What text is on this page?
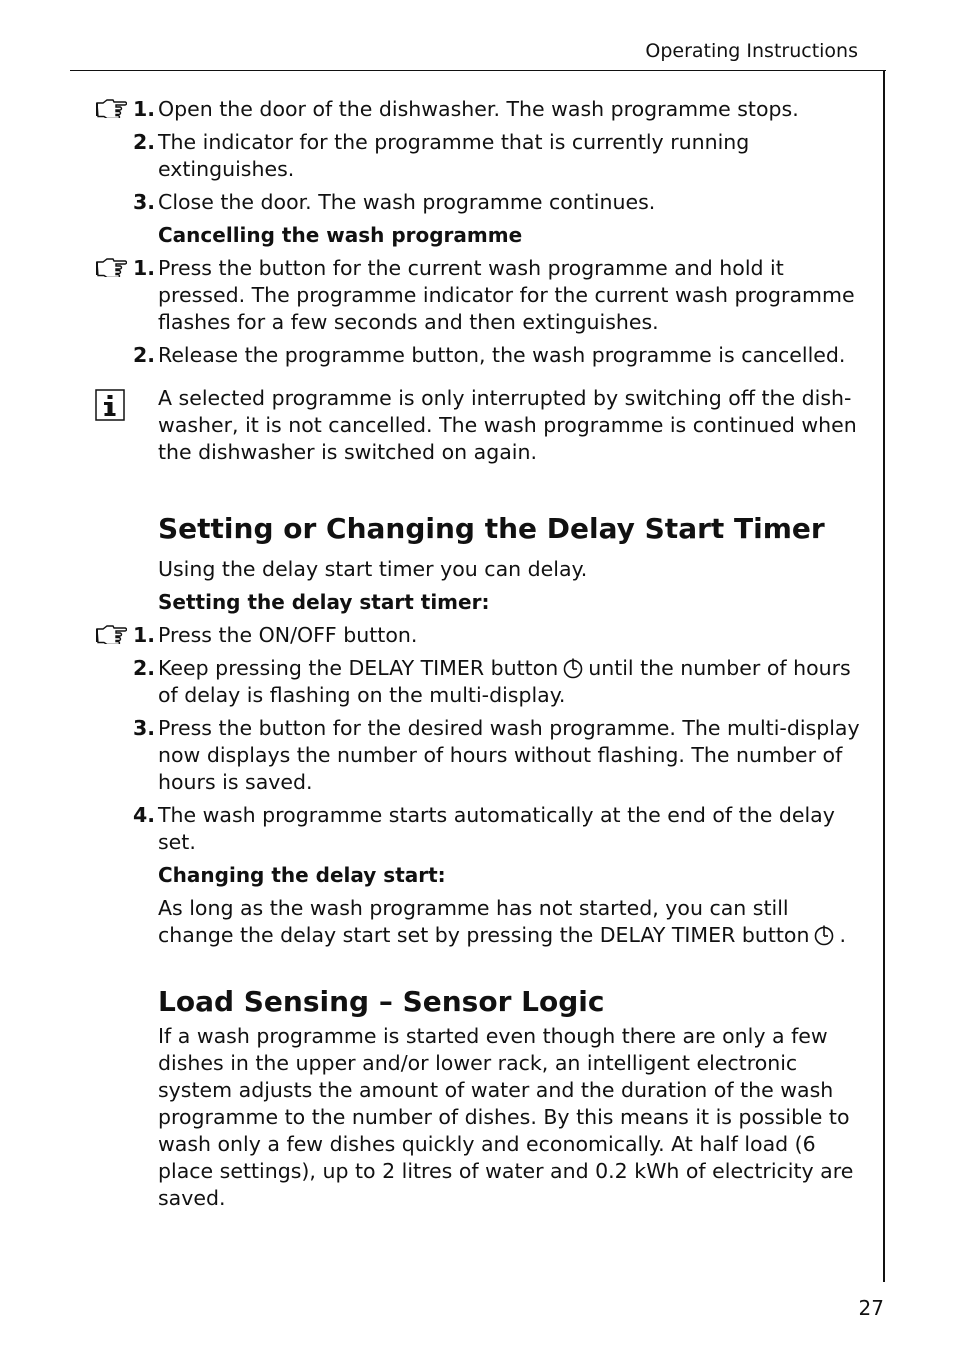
Operating Instructions
1. Open the door of the dishwasher. The wash programme stops.
2. The indicator for the programme that is currently running extinguishes.
3. Close the door. The wash programme continues.
Cancelling the wash programme
1. Press the button for the current wash programme and hold it pressed. The programme indicator for the current wash programme flashes for a few seconds and then extinguishes.
2. Release the programme button, the wash programme is cancelled.
A selected programme is only interrupted by switching off the dish-washer, it is not cancelled. The wash programme is continued when the dishwasher is switched on again.
Setting or Changing the Delay Start Timer
Using the delay start timer you can delay.
Setting the delay start timer:
1. Press the ON/OFF button.
2. Keep pressing the DELAY TIMER button until the number of hours of delay is flashing on the multi-display.
3. Press the button for the desired wash programme. The multi-display now displays the number of hours without flashing. The number of hours is saved.
4. The wash programme starts automatically at the end of the delay set.
Changing the delay start:
As long as the wash programme has not started, you can still change the delay start set by pressing the DELAY TIMER button .
Load Sensing – Sensor Logic
If a wash programme is started even though there are only a few dishes in the upper and/or lower rack, an intelligent electronic system adjusts the amount of water and the duration of the wash programme to the number of dishes. By this means it is possible to wash only a few dishes quickly and economically. At half load (6 place settings), up to 2 litres of water and 0.2 kWh of electricity are saved.
27
